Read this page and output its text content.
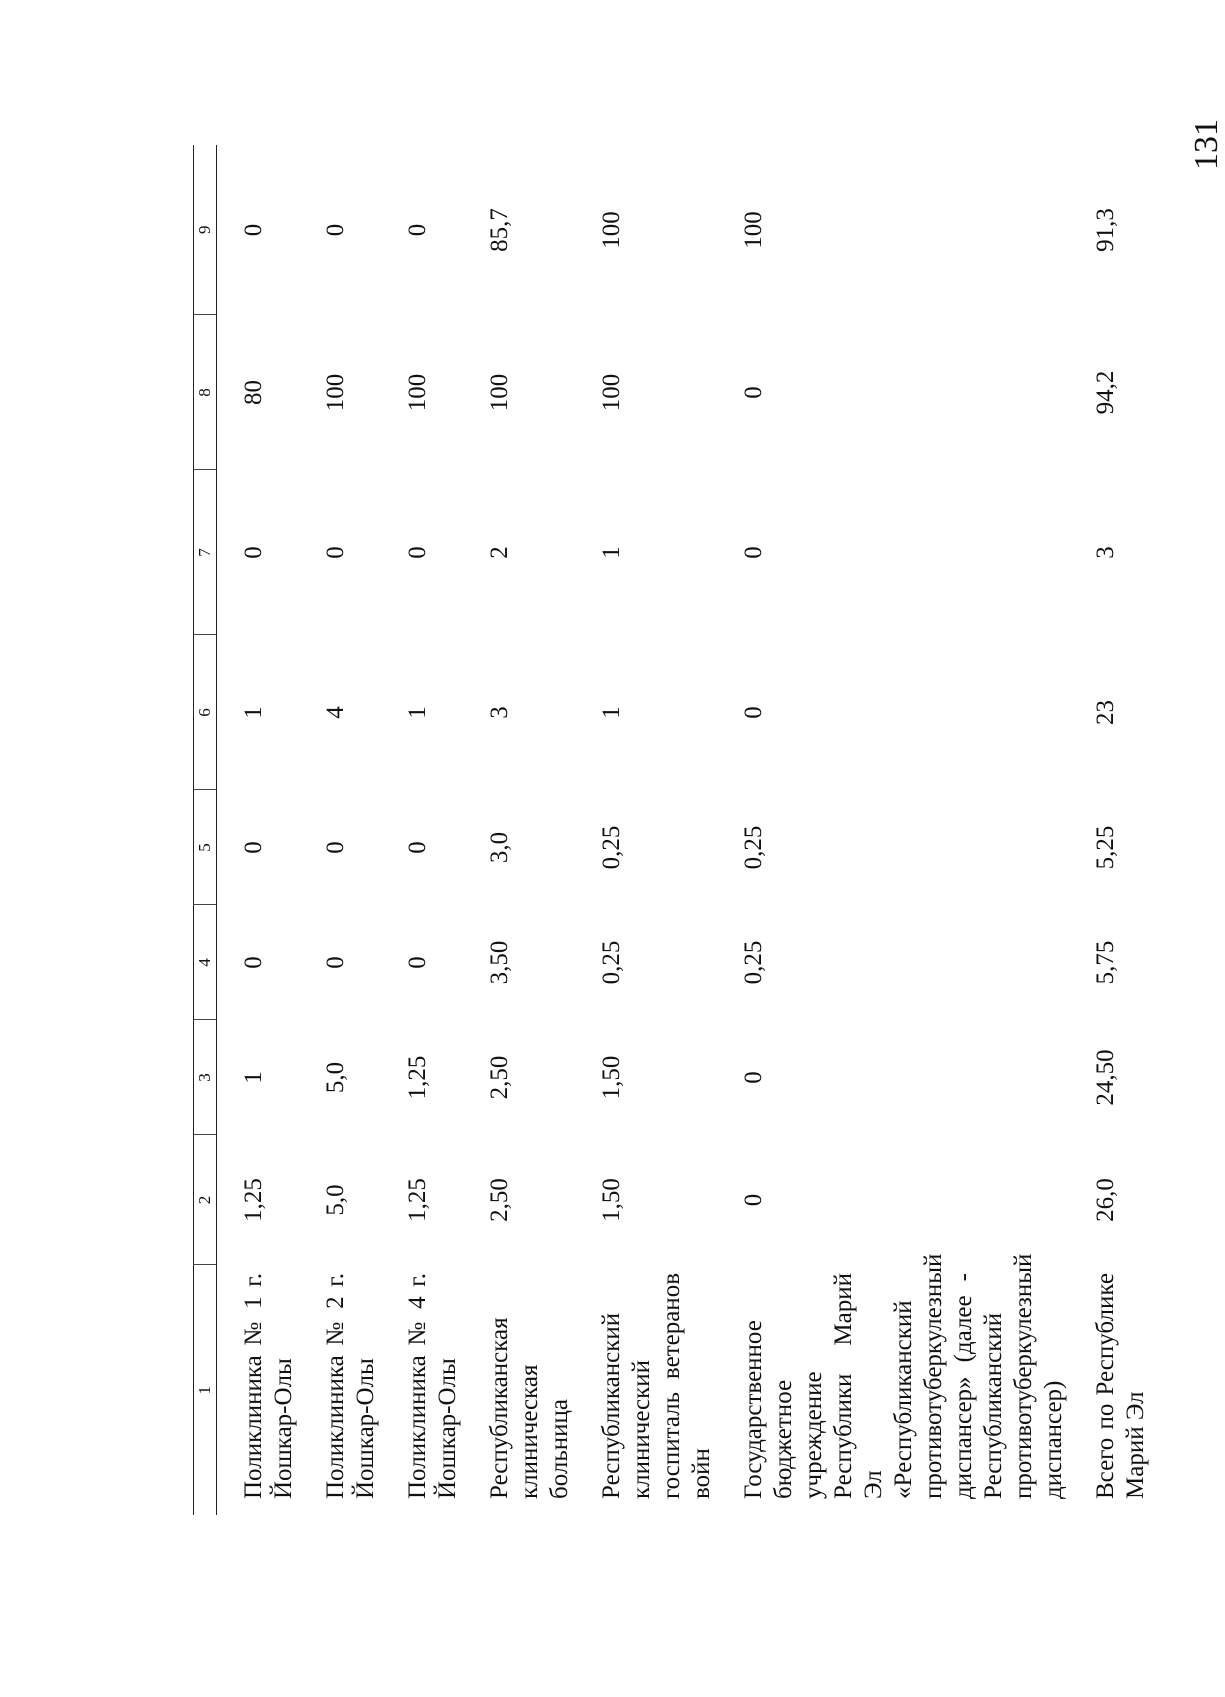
131
1	2	3	4	5	6	7	8	9

Поликлиника № 1 г. Йошкар-Олы	1,25	1	0	0	1	0	80	0

Поликлиника № 2 г. Йошкар-Олы	5,0	5,0	0	0	4	0	100	0

Поликлиника № 4 г. Йошкар-Олы	1,25	1,25	0	0	1	0	100	0

Республиканская клиническая больница	2,50	2,50	3,50	3,0	3	2	100	85,7

Республиканский клинический госпиталь ветеранов войн	1,50	1,50	0,25	0,25	1	1	100	100

Государственное бюджетное учреждение Республики Марий Эл «Республиканский противотуберкулезный диспансер» (далее - Республиканский противотуберкулезный диспансер)	0	0	0,25	0,25	0	0	0	100

Всего по Республике Марий Эл	26,0	24,50	5,75	5,25	23	3	94,2	91,3
